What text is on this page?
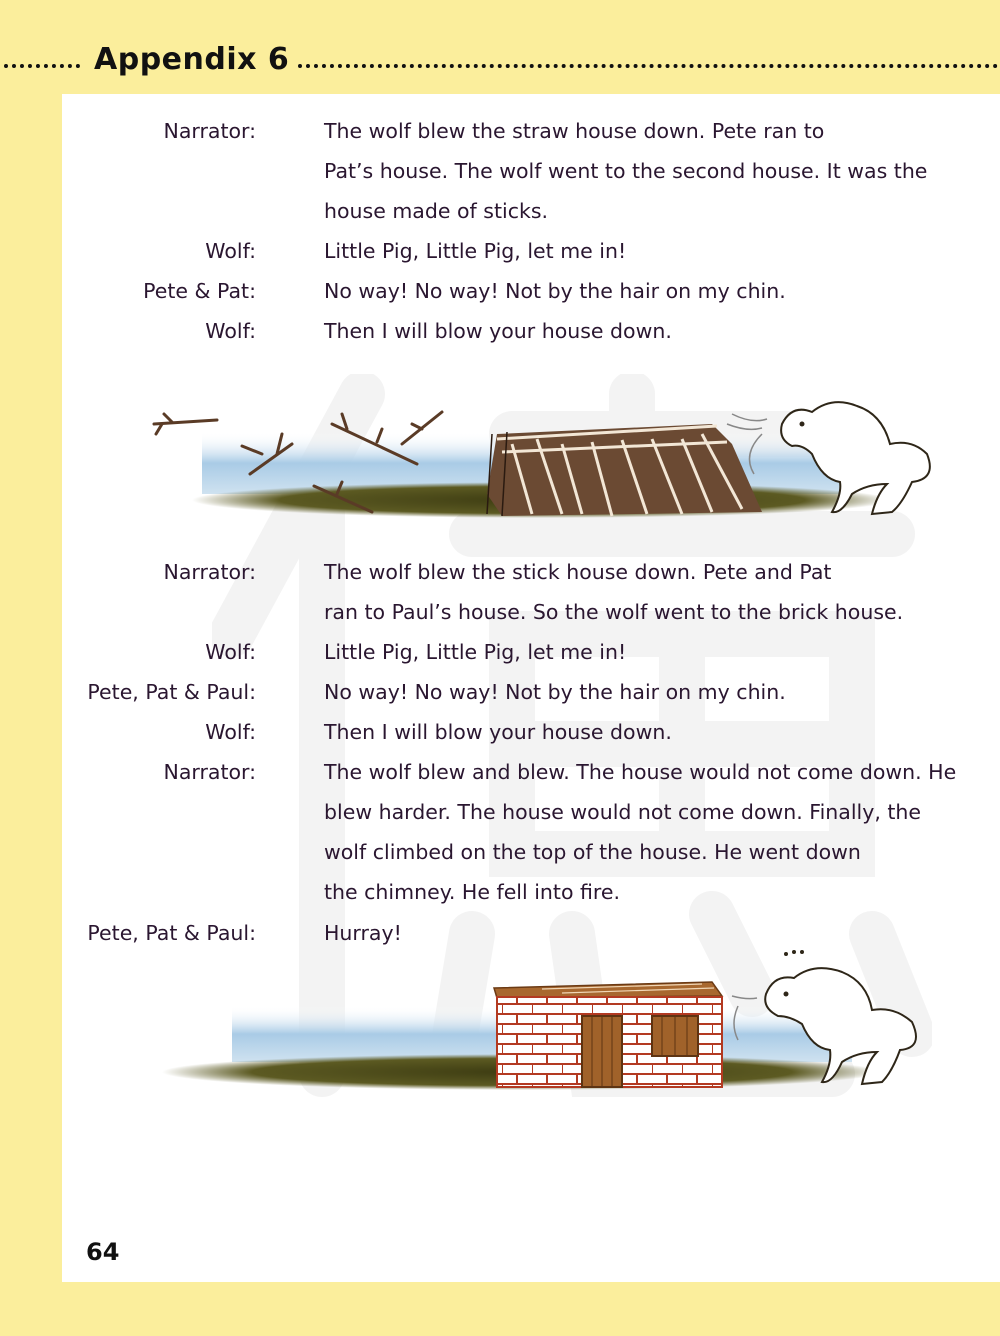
Appendix 6
Narrator:	The wolf blew the straw house down. Pete ran to
Pat’s house. The wolf went to the second house. It was the
house made of sticks.
Wolf:	Little Pig, Little Pig, let me in!
Pete & Pat:	No way! No way! Not by the hair on my chin.
Wolf:	Then I will blow your house down.
Narrator:	The wolf blew the stick house down. Pete and Pat
ran to Paul’s house. So the wolf went to the brick house.
Wolf:	Little Pig, Little Pig, let me in!
Pete, Pat & Paul:	No way! No way! Not by the hair on my chin.
Wolf:	Then I will blow your house down.
Narrator:	The wolf blew and blew. The house would not come down. He
blew harder. The house would not come down. Finally, the
wolf climbed on the top of the house. He went down
the chimney. He fell into fire.
Pete, Pat & Paul:	Hurray!
64
